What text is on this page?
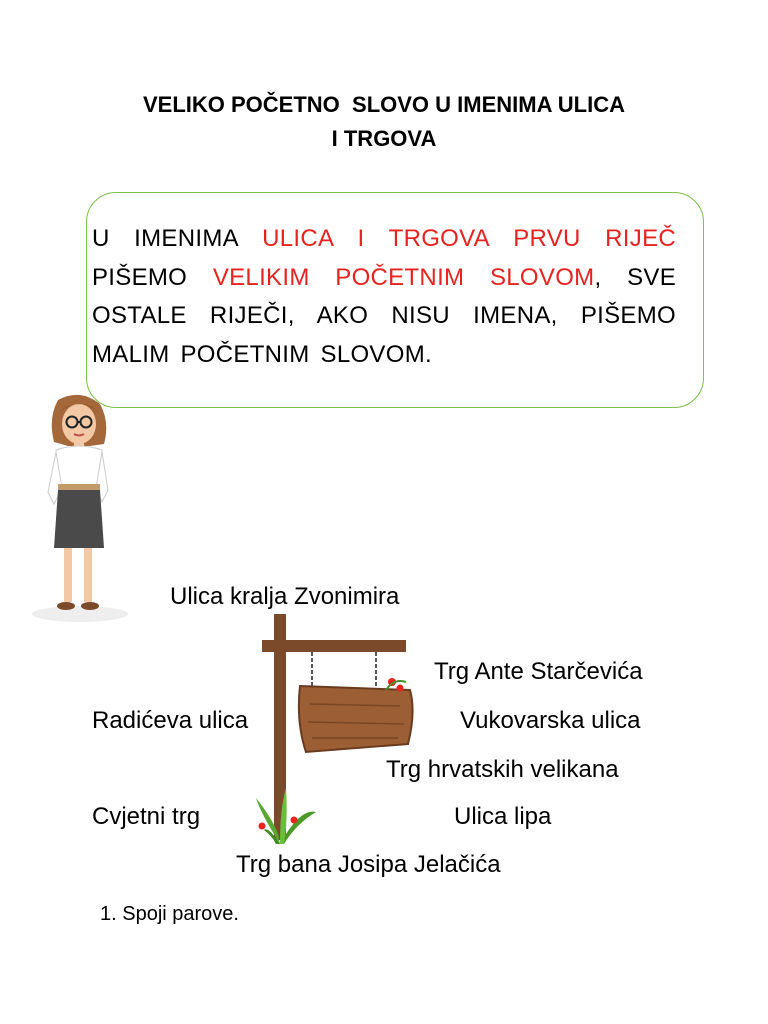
VELIKO POČETNO  SLOVO U IMENIMA ULICA
I TRGOVA
U IMENIMA ULICA I TRGOVA PRVU RIJEČ PIŠEMO VELIKIM POČETNIM SLOVOM, SVE OSTALE RIJEČI, AKO NISU IMENA, PIŠEMO MALIM POČETNIM SLOVOM.
Ulica kralja Zvonimira
Trg Ante Starčevića
Radićeva ulica	Vukovarska ulica
Trg hrvatskih velikana
Cvjetni trg	Ulica lipa
Trg bana Josipa Jelačića
1. Spoji parove.
